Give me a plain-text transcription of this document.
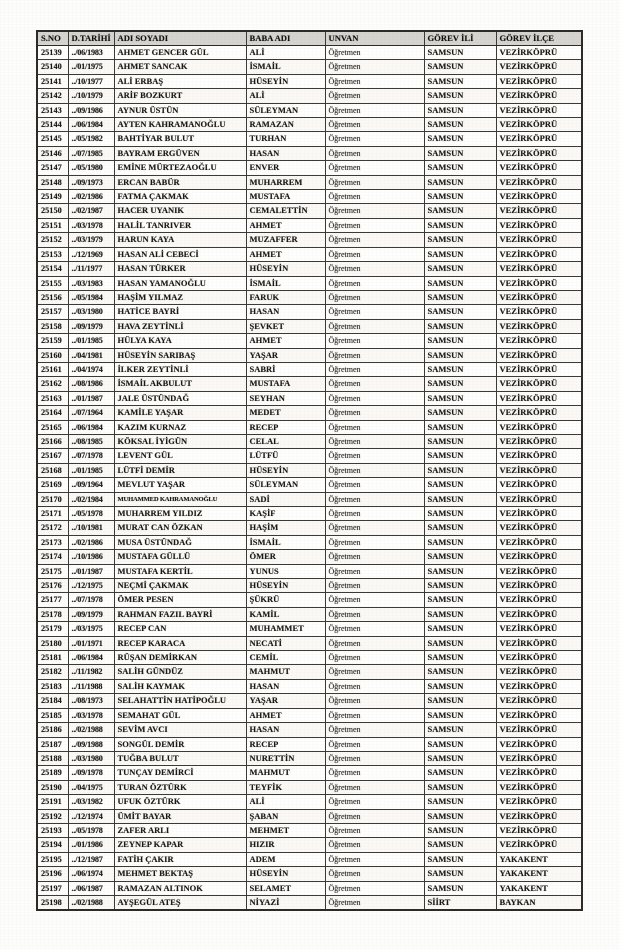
S.NO	D.TARİHİ	ADI SOYADI	BABA ADI	UNVAN	GÖREV İLİ	GÖREV İLÇE
25139	../06/1983	AHMET GENCER GÜL	ALİ	Öğretmen	SAMSUN	VEZİRKÖPRÜ
25140	../01/1975	AHMET SANCAK	İSMAİL	Öğretmen	SAMSUN	VEZİRKÖPRÜ
25141	../10/1977	ALİ ERBAŞ	HÜSEYİN	Öğretmen	SAMSUN	VEZİRKÖPRÜ
25142	../10/1979	ARİF BOZKURT	ALİ	Öğretmen	SAMSUN	VEZİRKÖPRÜ
25143	../09/1986	AYNUR ÜSTÜN	SÜLEYMAN	Öğretmen	SAMSUN	VEZİRKÖPRÜ
25144	../06/1984	AYTEN KAHRAMANOĞLU	RAMAZAN	Öğretmen	SAMSUN	VEZİRKÖPRÜ
25145	../05/1982	BAHTİYAR BULUT	TURHAN	Öğretmen	SAMSUN	VEZİRKÖPRÜ
25146	../07/1985	BAYRAM ERGÜVEN	HASAN	Öğretmen	SAMSUN	VEZİRKÖPRÜ
25147	../05/1980	EMİNE MÜRTEZAOĞLU	ENVER	Öğretmen	SAMSUN	VEZİRKÖPRÜ
25148	../09/1973	ERCAN BABÜR	MUHARREM	Öğretmen	SAMSUN	VEZİRKÖPRÜ
25149	../02/1986	FATMA ÇAKMAK	MUSTAFA	Öğretmen	SAMSUN	VEZİRKÖPRÜ
25150	../02/1987	HACER UYANIK	CEMALETTİN	Öğretmen	SAMSUN	VEZİRKÖPRÜ
25151	../03/1978	HALİL TANRIVER	AHMET	Öğretmen	SAMSUN	VEZİRKÖPRÜ
25152	../03/1979	HARUN KAYA	MUZAFFER	Öğretmen	SAMSUN	VEZİRKÖPRÜ
25153	../12/1969	HASAN ALİ CEBECİ	AHMET	Öğretmen	SAMSUN	VEZİRKÖPRÜ
25154	../11/1977	HASAN TÜRKER	HÜSEYİN	Öğretmen	SAMSUN	VEZİRKÖPRÜ
25155	../03/1983	HASAN YAMANOĞLU	İSMAİL	Öğretmen	SAMSUN	VEZİRKÖPRÜ
25156	../05/1984	HAŞİM YILMAZ	FARUK	Öğretmen	SAMSUN	VEZİRKÖPRÜ
25157	../03/1980	HATİCE BAYRİ	HASAN	Öğretmen	SAMSUN	VEZİRKÖPRÜ
25158	../09/1979	HAVA ZEYTİNLİ	ŞEVKET	Öğretmen	SAMSUN	VEZİRKÖPRÜ
25159	../01/1985	HÜLYA KAYA	AHMET	Öğretmen	SAMSUN	VEZİRKÖPRÜ
25160	../04/1981	HÜSEYİN SARIBAŞ	YAŞAR	Öğretmen	SAMSUN	VEZİRKÖPRÜ
25161	../04/1974	İLKER ZEYTİNLİ	SABRİ	Öğretmen	SAMSUN	VEZİRKÖPRÜ
25162	../08/1986	İSMAİL AKBULUT	MUSTAFA	Öğretmen	SAMSUN	VEZİRKÖPRÜ
25163	../01/1987	JALE ÜSTÜNDAĞ	SEYHAN	Öğretmen	SAMSUN	VEZİRKÖPRÜ
25164	../07/1964	KAMİLE YAŞAR	MEDET	Öğretmen	SAMSUN	VEZİRKÖPRÜ
25165	../06/1984	KAZIM KURNAZ	RECEP	Öğretmen	SAMSUN	VEZİRKÖPRÜ
25166	../08/1985	KÖKSAL İYİGÜN	CELAL	Öğretmen	SAMSUN	VEZİRKÖPRÜ
25167	../07/1978	LEVENT GÜL	LÜTFÜ	Öğretmen	SAMSUN	VEZİRKÖPRÜ
25168	../01/1985	LÜTFİ DEMİR	HÜSEYİN	Öğretmen	SAMSUN	VEZİRKÖPRÜ
25169	../09/1964	MEVLUT YAŞAR	SÜLEYMAN	Öğretmen	SAMSUN	VEZİRKÖPRÜ
25170	../02/1984	MUHAMMED KAHRAMANOĞLU	SADİ	Öğretmen	SAMSUN	VEZİRKÖPRÜ
25171	../05/1978	MUHARREM YILDIZ	KAŞİF	Öğretmen	SAMSUN	VEZİRKÖPRÜ
25172	../10/1981	MURAT CAN ÖZKAN	HAŞİM	Öğretmen	SAMSUN	VEZİRKÖPRÜ
25173	../02/1986	MUSA ÜSTÜNDAĞ	İSMAİL	Öğretmen	SAMSUN	VEZİRKÖPRÜ
25174	../10/1986	MUSTAFA GÜLLÜ	ÖMER	Öğretmen	SAMSUN	VEZİRKÖPRÜ
25175	../01/1987	MUSTAFA KERTİL	YUNUS	Öğretmen	SAMSUN	VEZİRKÖPRÜ
25176	../12/1975	NEÇMİ ÇAKMAK	HÜSEYİN	Öğretmen	SAMSUN	VEZİRKÖPRÜ
25177	../07/1978	ÖMER PESEN	ŞÜKRÜ	Öğretmen	SAMSUN	VEZİRKÖPRÜ
25178	../09/1979	RAHMAN FAZIL BAYRİ	KAMİL	Öğretmen	SAMSUN	VEZİRKÖPRÜ
25179	../03/1975	RECEP CAN	MUHAMMET	Öğretmen	SAMSUN	VEZİRKÖPRÜ
25180	../01/1971	RECEP KARACA	NECATİ	Öğretmen	SAMSUN	VEZİRKÖPRÜ
25181	../06/1984	RÜŞAN DEMİRKAN	CEMİL	Öğretmen	SAMSUN	VEZİRKÖPRÜ
25182	../11/1982	SALİH GÜNDÜZ	MAHMUT	Öğretmen	SAMSUN	VEZİRKÖPRÜ
25183	../11/1988	SALİH KAYMAK	HASAN	Öğretmen	SAMSUN	VEZİRKÖPRÜ
25184	../08/1973	SELAHATTİN HATİPOĞLU	YAŞAR	Öğretmen	SAMSUN	VEZİRKÖPRÜ
25185	../03/1978	SEMAHAT GÜL	AHMET	Öğretmen	SAMSUN	VEZİRKÖPRÜ
25186	../02/1988	SEVİM AVCI	HASAN	Öğretmen	SAMSUN	VEZİRKÖPRÜ
25187	../09/1988	SONGÜL DEMİR	RECEP	Öğretmen	SAMSUN	VEZİRKÖPRÜ
25188	../03/1980	TUĞBA BULUT	NURETTİN	Öğretmen	SAMSUN	VEZİRKÖPRÜ
25189	../09/1978	TUNÇAY DEMİRCİ	MAHMUT	Öğretmen	SAMSUN	VEZİRKÖPRÜ
25190	../04/1975	TURAN ÖZTÜRK	TEYFİK	Öğretmen	SAMSUN	VEZİRKÖPRÜ
25191	../03/1982	UFUK ÖZTÜRK	ALİ	Öğretmen	SAMSUN	VEZİRKÖPRÜ
25192	../12/1974	ÜMİT BAYAR	ŞABAN	Öğretmen	SAMSUN	VEZİRKÖPRÜ
25193	../05/1978	ZAFER ARLI	MEHMET	Öğretmen	SAMSUN	VEZİRKÖPRÜ
25194	../01/1986	ZEYNEP KAPAR	HIZIR	Öğretmen	SAMSUN	VEZİRKÖPRÜ
25195	../12/1987	FATİH ÇAKIR	ADEM	Öğretmen	SAMSUN	YAKAKENT
25196	../06/1974	MEHMET BEKTAŞ	HÜSEYİN	Öğretmen	SAMSUN	YAKAKENT
25197	../06/1987	RAMAZAN ALTINOK	SELAMET	Öğretmen	SAMSUN	YAKAKENT
25198	../02/1988	AYŞEGÜL ATEŞ	NİYAZİ	Öğretmen	SİİRT	BAYKAN
